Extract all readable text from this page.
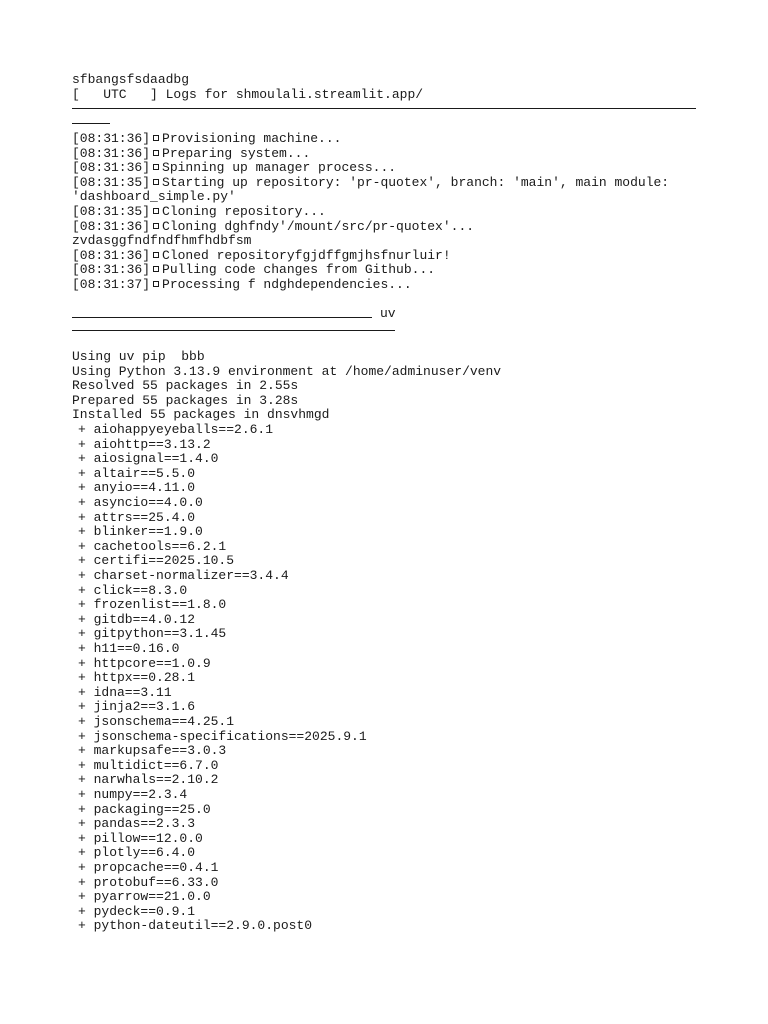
sfbangsfsdaadbg
[   UTC   ] Logs for shmoulali.streamlit.app/
[08:31:36] Provisioning machine...
[08:31:36] Preparing system...
[08:31:36] Spinning up manager process...
[08:31:35] Starting up repository: 'pr-quotex', branch: 'main', main module:
'dashboard_simple.py'
[08:31:35] Cloning repository...
[08:31:36] Cloning dghfndy'/mount/src/pr-quotex'...
zvdasggfndfndfhmfhdbfsm
[08:31:36] Cloned repositoryfgjdffgmjhsfnurluir!
[08:31:36] Pulling code changes from Github...
[08:31:37] Processing f ndghdependencies...
uv
Using uv pip  bbb
Using Python 3.13.9 environment at /home/adminuser/venv
Resolved 55 packages in 2.55s
Prepared 55 packages in 3.28s
Installed 55 packages in dnsvhmgd
+ aiohappyeyeballs==2.6.1
+ aiohttp==3.13.2
+ aiosignal==1.4.0
+ altair==5.5.0
+ anyio==4.11.0
+ asyncio==4.0.0
+ attrs==25.4.0
+ blinker==1.9.0
+ cachetools==6.2.1
+ certifi==2025.10.5
+ charset-normalizer==3.4.4
+ click==8.3.0
+ frozenlist==1.8.0
+ gitdb==4.0.12
+ gitpython==3.1.45
+ h11==0.16.0
+ httpcore==1.0.9
+ httpx==0.28.1
+ idna==3.11
+ jinja2==3.1.6
+ jsonschema==4.25.1
+ jsonschema-specifications==2025.9.1
+ markupsafe==3.0.3
+ multidict==6.7.0
+ narwhals==2.10.2
+ numpy==2.3.4
+ packaging==25.0
+ pandas==2.3.3
+ pillow==12.0.0
+ plotly==6.4.0
+ propcache==0.4.1
+ protobuf==6.33.0
+ pyarrow==21.0.0
+ pydeck==0.9.1
+ python-dateutil==2.9.0.post0
